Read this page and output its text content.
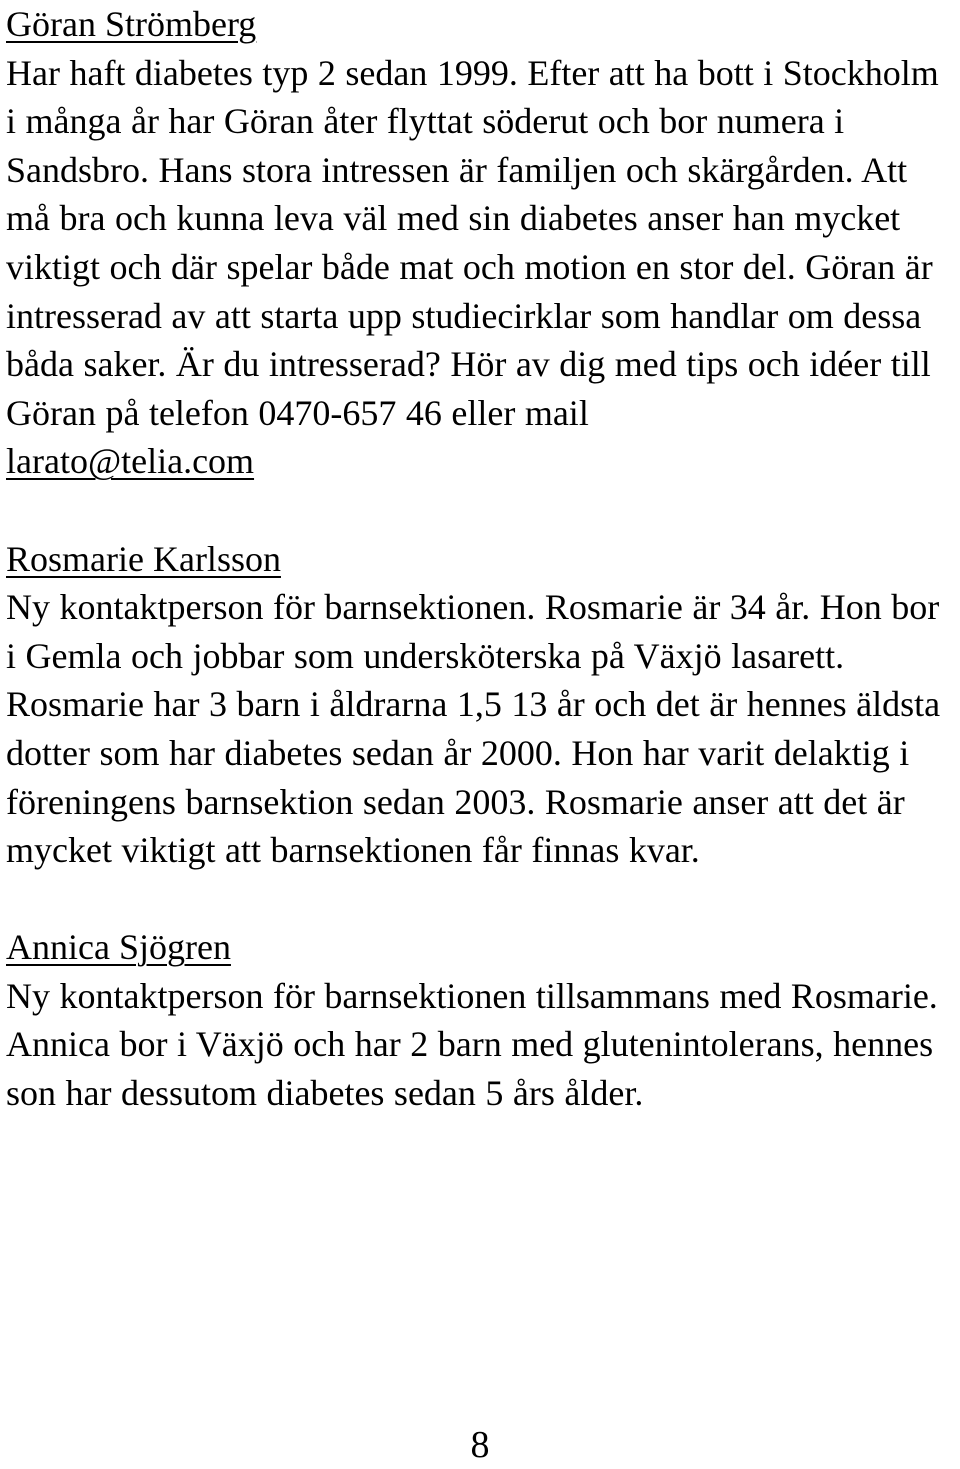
Göran Strömberg

Har haft diabetes typ 2 sedan 1999. Efter att ha bott i Stockholm i många år har Göran åter flyttat söderut och bor numera i Sandsbro. Hans stora intressen är familjen och skärgården. Att må bra och kunna leva väl med sin diabetes anser han mycket viktigt och där spelar både mat och motion en stor del. Göran är intresserad av att starta upp studiecirklar som handlar om dessa båda saker. Är du intresserad? Hör av dig med tips och idéer till Göran på telefon 0470-657 46 eller mail
larato@telia.com

Rosmarie Karlsson

Ny kontaktperson för barnsektionen. Rosmarie är 34 år. Hon bor i Gemla och jobbar som undersköterska på Växjö lasarett. Rosmarie har 3 barn i åldrarna 1,5 13 år och det är hennes äldsta dotter som har diabetes sedan år 2000. Hon har varit delaktig i föreningens barnsektion sedan 2003. Rosmarie anser att det är mycket viktigt att barnsektionen får finnas kvar.

Annica Sjögren

Ny kontaktperson för barnsektionen tillsammans med Rosmarie. Annica bor i Växjö och har 2 barn med glutenintolerans, hennes son har dessutom diabetes sedan 5 års ålder.

8
